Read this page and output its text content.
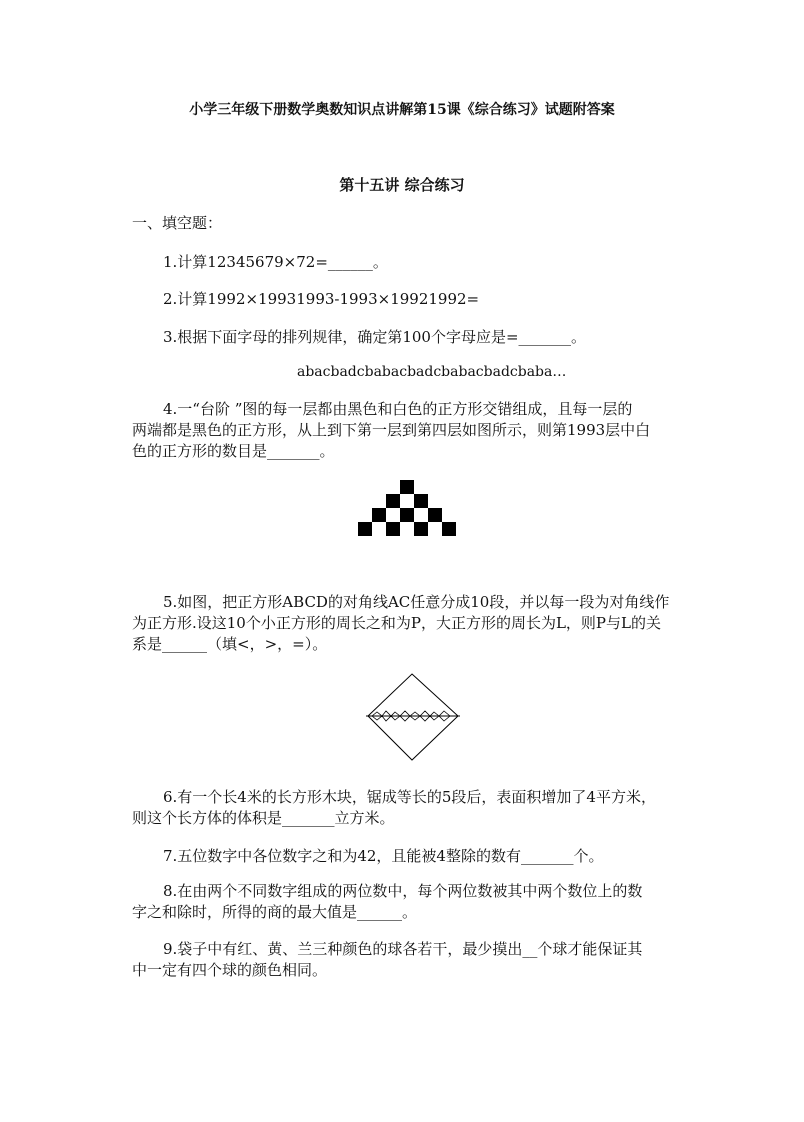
小学三年级下册数学奥数知识点讲解第15课《综合练习》试题附答案
第十五讲 综合练习
一、填空题：
1.计算12345679×72=______。
2.计算1992×19931993-1993×19921992=
3.根据下面字母的排列规律，确定第100个字母应是=_______。
abacbadcbabacbadcbabacbadcbaba…
4.一“台阶 ”图的每一层都由黑色和白色的正方形交错组成，且每一层的
两端都是黑色的正方形，从上到下第一层到第四层如图所示，则第1993层中白
色的正方形的数目是_______。
5.如图，把正方形ABCD的对角线AC任意分成10段，并以每一段为对角线作
为正方形.设这10个小正方形的周长之和为P，大正方形的周长为L，则P与L的关
系是______（填<，>，=）。
6.有一个长4米的长方形木块，锯成等长的5段后，表面积增加了4平方米，
则这个长方体的体积是_______立方米。
7.五位数字中各位数字之和为42，且能被4整除的数有_______个。
8.在由两个不同数字组成的两位数中，每个两位数被其中两个数位上的数
字之和除时，所得的商的最大值是______。
9.袋子中有红、黄、兰三种颜色的球各若干，最少摸出__个球才能保证其
中一定有四个球的颜色相同。
